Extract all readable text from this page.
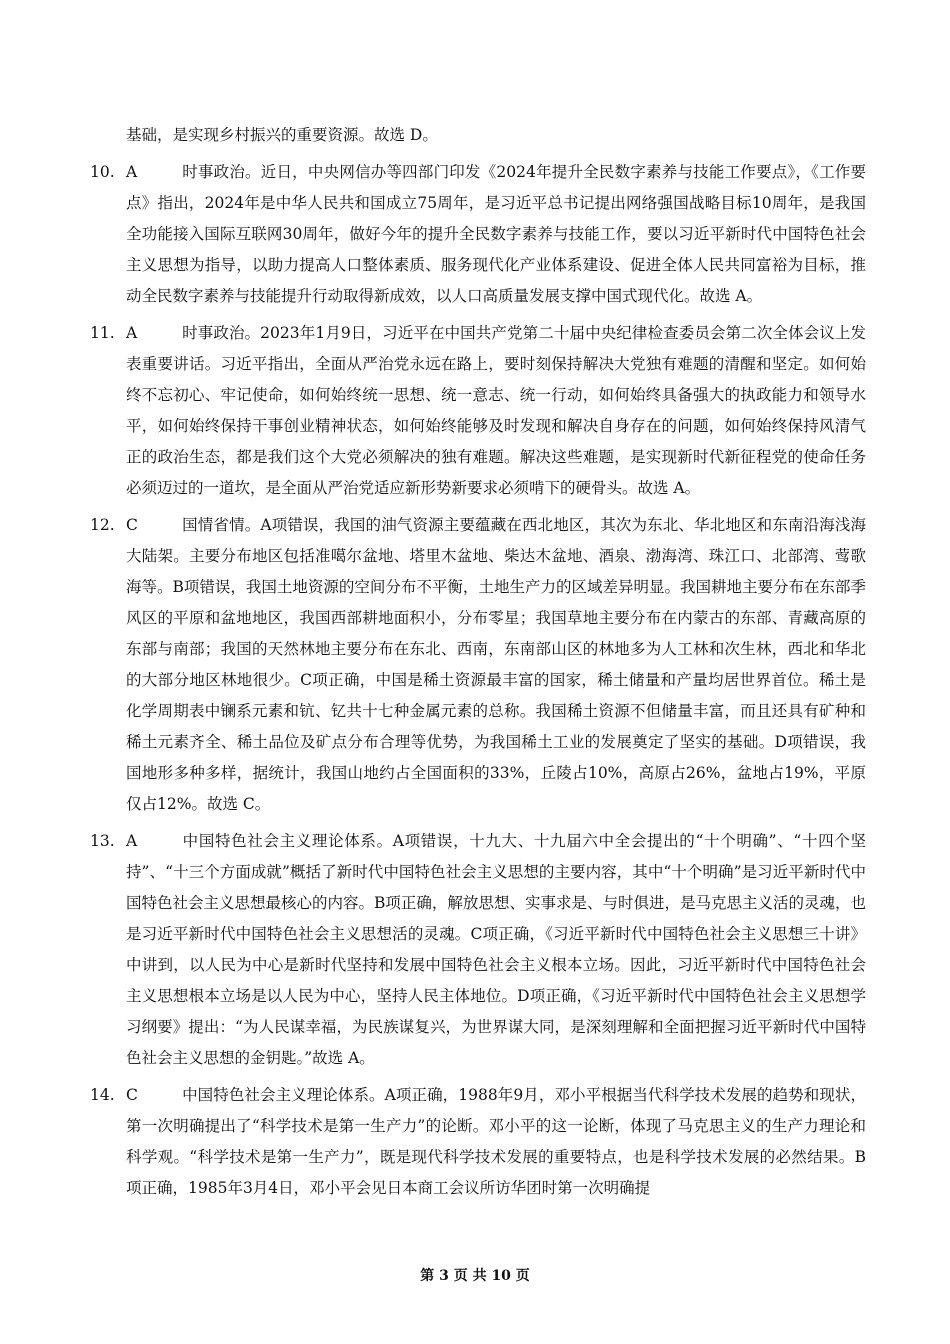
基础，是实现乡村振兴的重要资源。故选 D。
10. A	时事政治。近日，中央网信办等四部门印发《2024年提升全民数字素养与技能工作要点》，《工作要点》指出，2024年是中华人民共和国成立75周年，是习近平总书记提出网络强国战略目标10周年，是我国全功能接入国际互联网30周年，做好今年的提升全民数字素养与技能工作，要以习近平新时代中国特色社会主义思想为指导，以助力提高人口整体素质、服务现代化产业体系建设、促进全体人民共同富裕为目标，推动全民数字素养与技能提升行动取得新成效，以人口高质量发展支撑中国式现代化。故选 A。
11. A	时事政治。2023年1月9日，习近平在中国共产党第二十届中央纪律检查委员会第二次全体会议上发表重要讲话。习近平指出，全面从严治党永远在路上，要时刻保持解决大党独有难题的清醒和坚定。如何始终不忘初心、牢记使命，如何始终统一思想、统一意志、统一行动，如何始终具备强大的执政能力和领导水平，如何始终保持干事创业精神状态，如何始终能够及时发现和解决自身存在的问题，如何始终保持风清气正的政治生态，都是我们这个大党必须解决的独有难题。解决这些难题，是实现新时代新征程党的使命任务必须迈过的一道坎，是全面从严治党适应新形势新要求必须啃下的硬骨头。故选 A。
12. C	国情省情。A项错误，我国的油气资源主要蕴藏在西北地区，其次为东北、华北地区和东南沿海浅海大陆架。主要分布地区包括准噶尔盆地、塔里木盆地、柴达木盆地、酒泉、渤海湾、珠江口、北部湾、莺歌海等。B项错误，我国土地资源的空间分布不平衡，土地生产力的区域差异明显。我国耕地主要分布在东部季风区的平原和盆地地区，我国西部耕地面积小，分布零星；我国草地主要分布在内蒙古的东部、青藏高原的东部与南部；我国的天然林地主要分布在东北、西南，东南部山区的林地多为人工林和次生林，西北和华北的大部分地区林地很少。C项正确，中国是稀土资源最丰富的国家，稀土储量和产量均居世界首位。稀土是化学周期表中镧系元素和钪、钇共十七种金属元素的总称。我国稀土资源不但储量丰富，而且还具有矿种和稀土元素齐全、稀土品位及矿点分布合理等优势，为我国稀土工业的发展奠定了坚实的基础。D项错误，我国地形多种多样，据统计，我国山地约占全国面积的33%，丘陵占10%，高原占26%，盆地占19%，平原仅占12%。故选 C。
13. A	中国特色社会主义理论体系。A项错误，十九大、十九届六中全会提出的“十个明确”、“十四个坚持”、“十三个方面成就”概括了新时代中国特色社会主义思想的主要内容，其中“十个明确”是习近平新时代中国特色社会主义思想最核心的内容。B项正确，解放思想、实事求是、与时俱进，是马克思主义活的灵魂，也是习近平新时代中国特色社会主义思想活的灵魂。C项正确，《习近平新时代中国特色社会主义思想三十讲》中讲到，以人民为中心是新时代坚持和发展中国特色社会主义根本立场。因此，习近平新时代中国特色社会主义思想根本立场是以人民为中心，坚持人民主体地位。D项正确，《习近平新时代中国特色社会主义思想学习纲要》提出：“为人民谋幸福，为民族谋复兴，为世界谋大同，是深刻理解和全面把握习近平新时代中国特色社会主义思想的金钥匙。”故选 A。
14. C	中国特色社会主义理论体系。A项正确，1988年9月，邓小平根据当代科学技术发展的趋势和现状，第一次明确提出了“科学技术是第一生产力”的论断。邓小平的这一论断，体现了马克思主义的生产力理论和科学观。“科学技术是第一生产力”，既是现代科学技术发展的重要特点，也是科学技术发展的必然结果。B项正确，1985年3月4日，邓小平会见日本商工会议所访华团时第一次明确提
第 3 页 共 10 页
